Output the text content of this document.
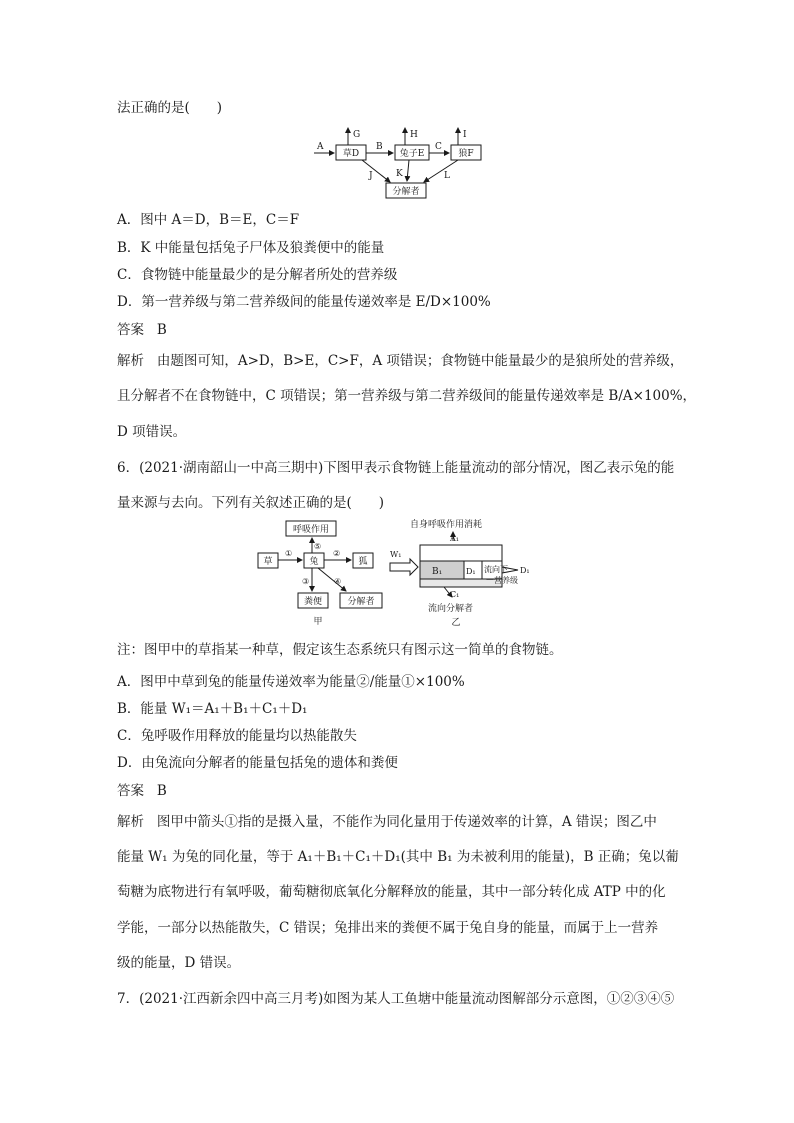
法正确的是(　　)
A
草D	兔子E	狼F
分解者
G	H	I
B	C
J	K	L
A．图中 A＝D，B＝E，C＝F
B．K 中能量包括兔子尸体及狼粪便中的能量
C．食物链中能量最少的是分解者所处的营养级
D．第一营养级与第二营养级间的能量传递效率是 E/D×100%
答案 B
解析 由题图可知，A>D，B>E，C>F，A 项错误；食物链中能量最少的是狼所处的营养级，
且分解者不在食物链中，C 项错误；第一营养级与第二营养级间的能量传递效率是 B/A×100%，
D 项错误。
6．(2021·湖南韶山一中高三期中)下图甲表示食物链上能量流动的部分情况，图乙表示兔的能
量来源与去向。下列有关叙述正确的是(　　)
呼吸作用
草	兔	狐
粪便	分解者
①	②
⑤
③	④
甲
自身呼吸作用消耗
A₁
W₁
B₁	D₁ 流向下
一营养级
D₁
C₁
流向分解者
乙
注：图甲中的草指某一种草，假定该生态系统只有图示这一简单的食物链。
A．图甲中草到兔的能量传递效率为能量②/能量①×100%
B．能量 W₁＝A₁＋B₁＋C₁＋D₁
C．兔呼吸作用释放的能量均以热能散失
D．由兔流向分解者的能量包括兔的遗体和粪便
答案 B
解析 图甲中箭头①指的是摄入量，不能作为同化量用于传递效率的计算，A 错误；图乙中
能量 W₁ 为兔的同化量，等于 A₁＋B₁＋C₁＋D₁(其中 B₁ 为未被利用的能量)，B 正确；兔以葡
萄糖为底物进行有氧呼吸，葡萄糖彻底氧化分解释放的能量，其中一部分转化成 ATP 中的化
学能，一部分以热能散失，C 错误；兔排出来的粪便不属于兔自身的能量，而属于上一营养
级的能量，D 错误。
7．(2021·江西新余四中高三月考)如图为某人工鱼塘中能量流动图解部分示意图，①②③④⑤
